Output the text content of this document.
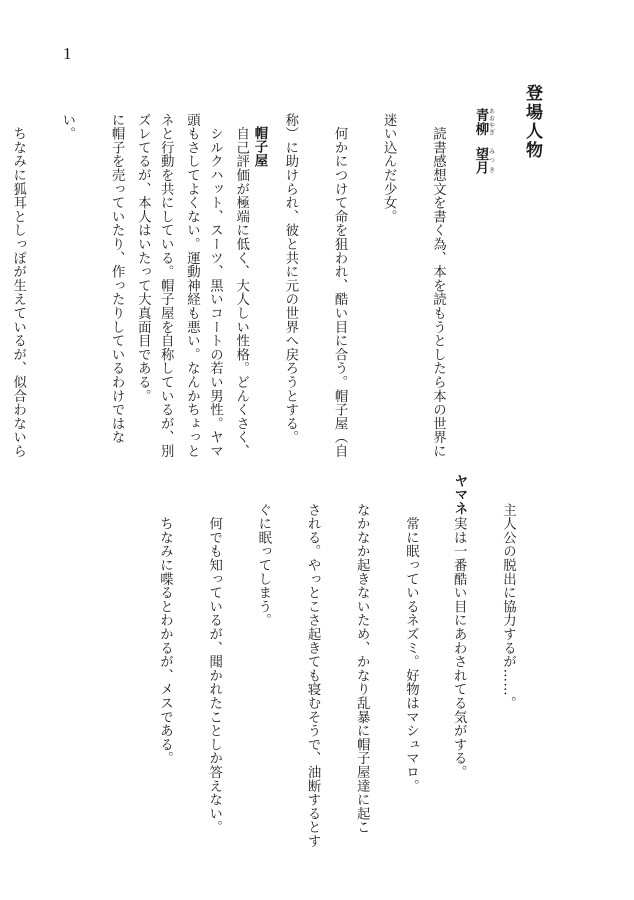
1
登場人物
青柳あおやぎ望月みつき

　読書感想文を書く為、本を読もうとしたら本の世界に

迷い込んだ少女。

　何かにつけて命を狙われ、酷い目に合う。帽子屋（自

称）に助けられ、彼と共に元の世界へ戻ろうとする。

　自己評価が極端に低く、大人しい性格。どんくさく、

頭もさしてよくない。運動神経も悪い。なんかちょっと

ズレてるが、本人はいたって大真面目である。	帽子屋

　シルクハット、スーツ、黒いコートの若い男性。ヤマ

ネと行動を共にしている。帽子屋を自称しているが、別

に帽子を売っていたり、作ったりしているわけではな

い。

　ちなみに狐耳としっぽが生えているが、似合わないら

主人公の脱出に協力するが……。

　実は一番酷い目にあわされてる気がする。

ヤマネ

　常に眠っているネズミ。好物はマシュマロ。

なかなか起きないため、かなり乱暴に帽子屋達に起こ

される。やっとこさ起きても寝むそうで、油断するとす

ぐに眠ってしまう。

　何でも知っているが、聞かれたことしか答えない。

　ちなみに喋るとわかるが、メスである。
